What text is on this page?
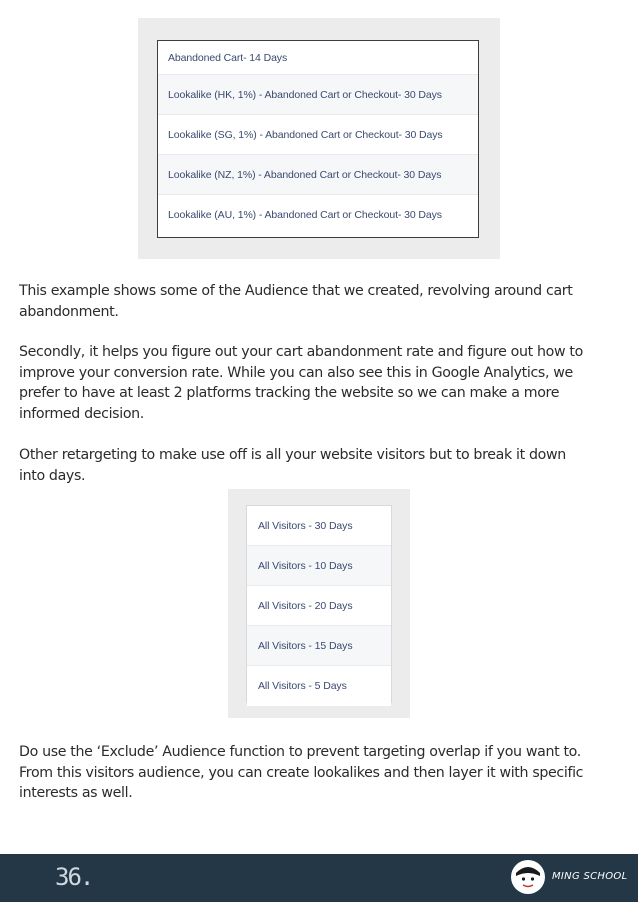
Abandoned Cart- 14 Days
Lookalike (HK, 1%) - Abandoned Cart or Checkout- 30 Days
Lookalike (SG, 1%) - Abandoned Cart or Checkout- 30 Days
Lookalike (NZ, 1%) - Abandoned Cart or Checkout- 30 Days
Lookalike (AU, 1%) - Abandoned Cart or Checkout- 30 Days

This example shows some of the Audience that we created, revolving around cart
abandonment.

Secondly, it helps you figure out your cart abandonment rate and figure out how to
improve your conversion rate. While you can also see this in Google Analytics, we
prefer to have at least 2 platforms tracking the website so we can make a more
informed decision.

Other retargeting to make use off is all your website visitors but to break it down
into days.

All Visitors - 30 Days
All Visitors - 10 Days
All Visitors - 20 Days
All Visitors - 15 Days
All Visitors - 5 Days

Do use the ‘Exclude’ Audience function to prevent targeting overlap if you want to.
From this visitors audience, you can create lookalikes and then layer it with specific
interests as well.

36.	MING SCHOOL
